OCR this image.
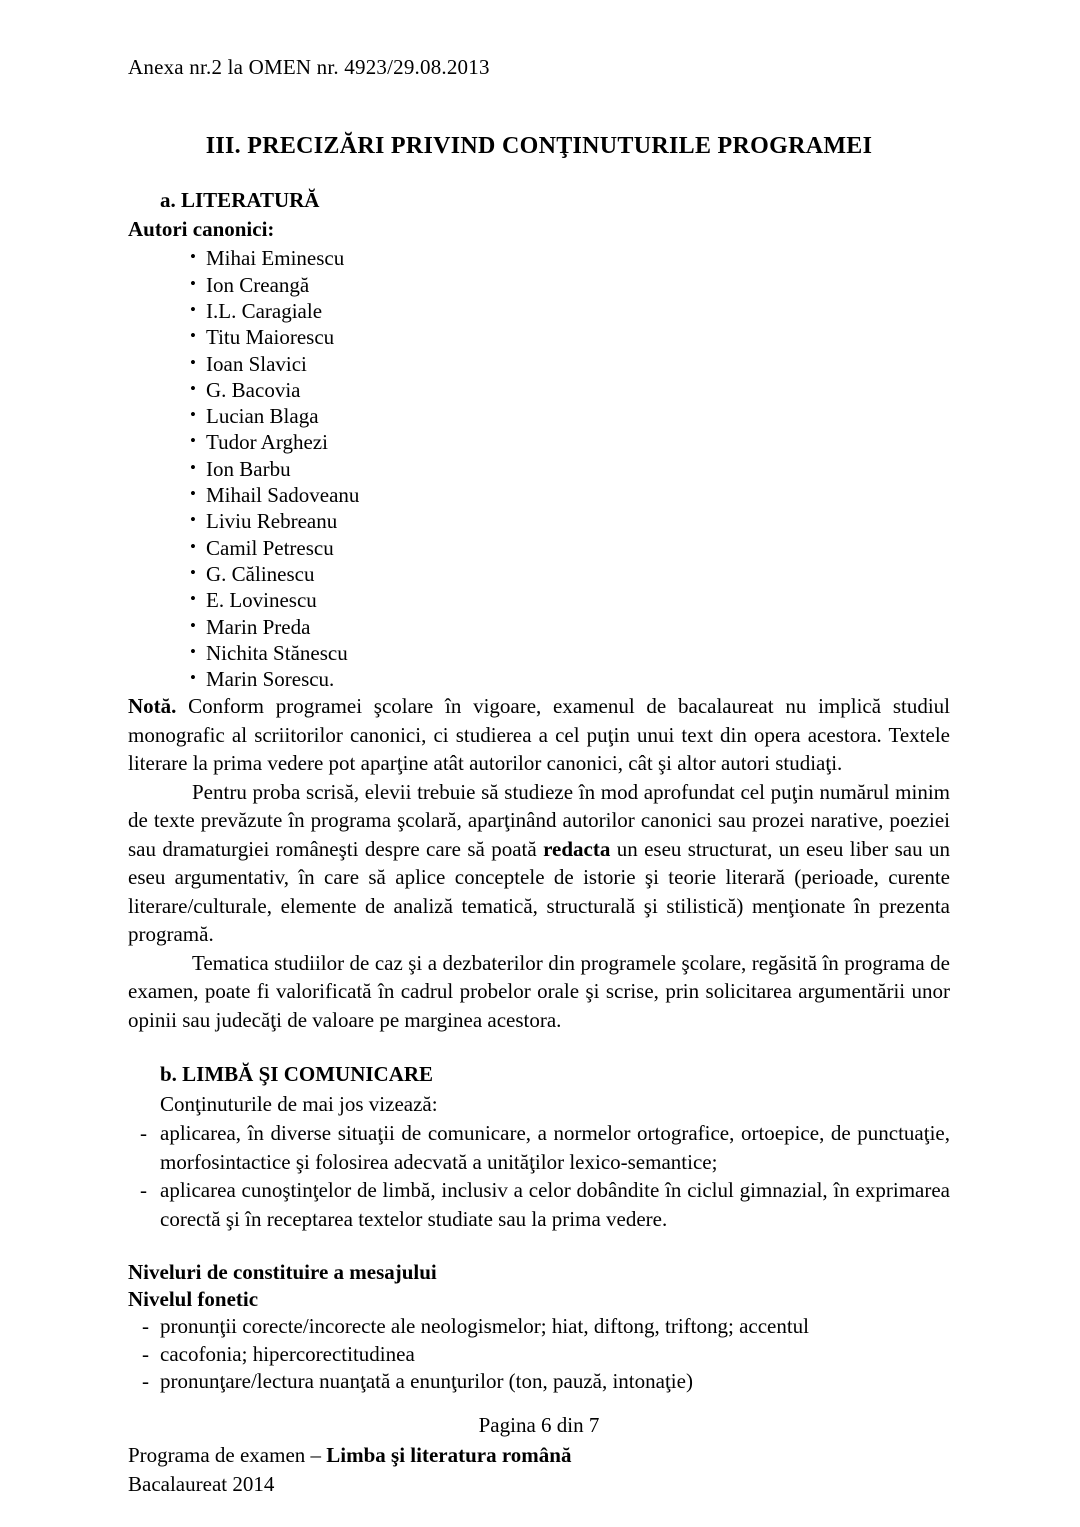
Anexa nr.2 la OMEN nr. 4923/29.08.2013
III. PRECIZĂRI PRIVIND CONŢINUTURILE PROGRAMEI
a. LITERATURĂ
Autori canonici:
• Mihai Eminescu
• Ion Creangă
• I.L. Caragiale
• Titu Maiorescu
• Ioan Slavici
• G. Bacovia
• Lucian Blaga
• Tudor Arghezi
• Ion Barbu
• Mihail Sadoveanu
• Liviu Rebreanu
• Camil Petrescu
• G. Călinescu
• E. Lovinescu
• Marin Preda
• Nichita Stănescu
• Marin Sorescu.

Notă. Conform programei şcolare în vigoare, examenul de bacalaureat nu implică studiul monografic al scriitorilor canonici, ci studierea a cel puţin unui text din opera acestora. Textele literare la prima vedere pot aparţine atât autorilor canonici, cât şi altor autori studiaţi.

Pentru proba scrisă, elevii trebuie să studieze în mod aprofundat cel puţin numărul minim de texte prevăzute în programa şcolară, aparţinând autorilor canonici sau prozei narative, poeziei sau dramaturgiei româneşti despre care să poată redacta un eseu structurat, un eseu liber sau un eseu argumentativ, în care să aplice conceptele de istorie şi teorie literară (perioade, curente literare/culturale, elemente de analiză tematică, structurală şi stilistică) menţionate în prezenta programă.

Tematica studiilor de caz şi a dezbaterilor din programele şcolare, regăsită în programa de examen, poate fi valorificată în cadrul probelor orale şi scrise, prin solicitarea argumentării unor opinii sau judecăţi de valoare pe marginea acestora.

b. LIMBĂ ŞI COMUNICARE
Conţinuturile de mai jos vizează:
- aplicarea, în diverse situaţii de comunicare, a normelor ortografice, ortoepice, de punctuaţie, morfosintactice şi folosirea adecvată a unităţilor lexico-semantice;
- aplicarea cunoştinţelor de limbă, inclusiv a celor dobândite în ciclul gimnazial, în exprimarea corectă şi în receptarea textelor studiate sau la prima vedere.
Niveluri de constituire a mesajului
Nivelul fonetic
- pronunţii corecte/incorecte ale neologismelor; hiat, diftong, triftong; accentul
- cacofonia; hipercorectitudinea
- pronunţare/lectura nuanţată a enunţurilor (ton, pauză, intonaţie)
Pagina 6 din 7
Programa de examen – Limba şi literatura română
Bacalaureat 2014
